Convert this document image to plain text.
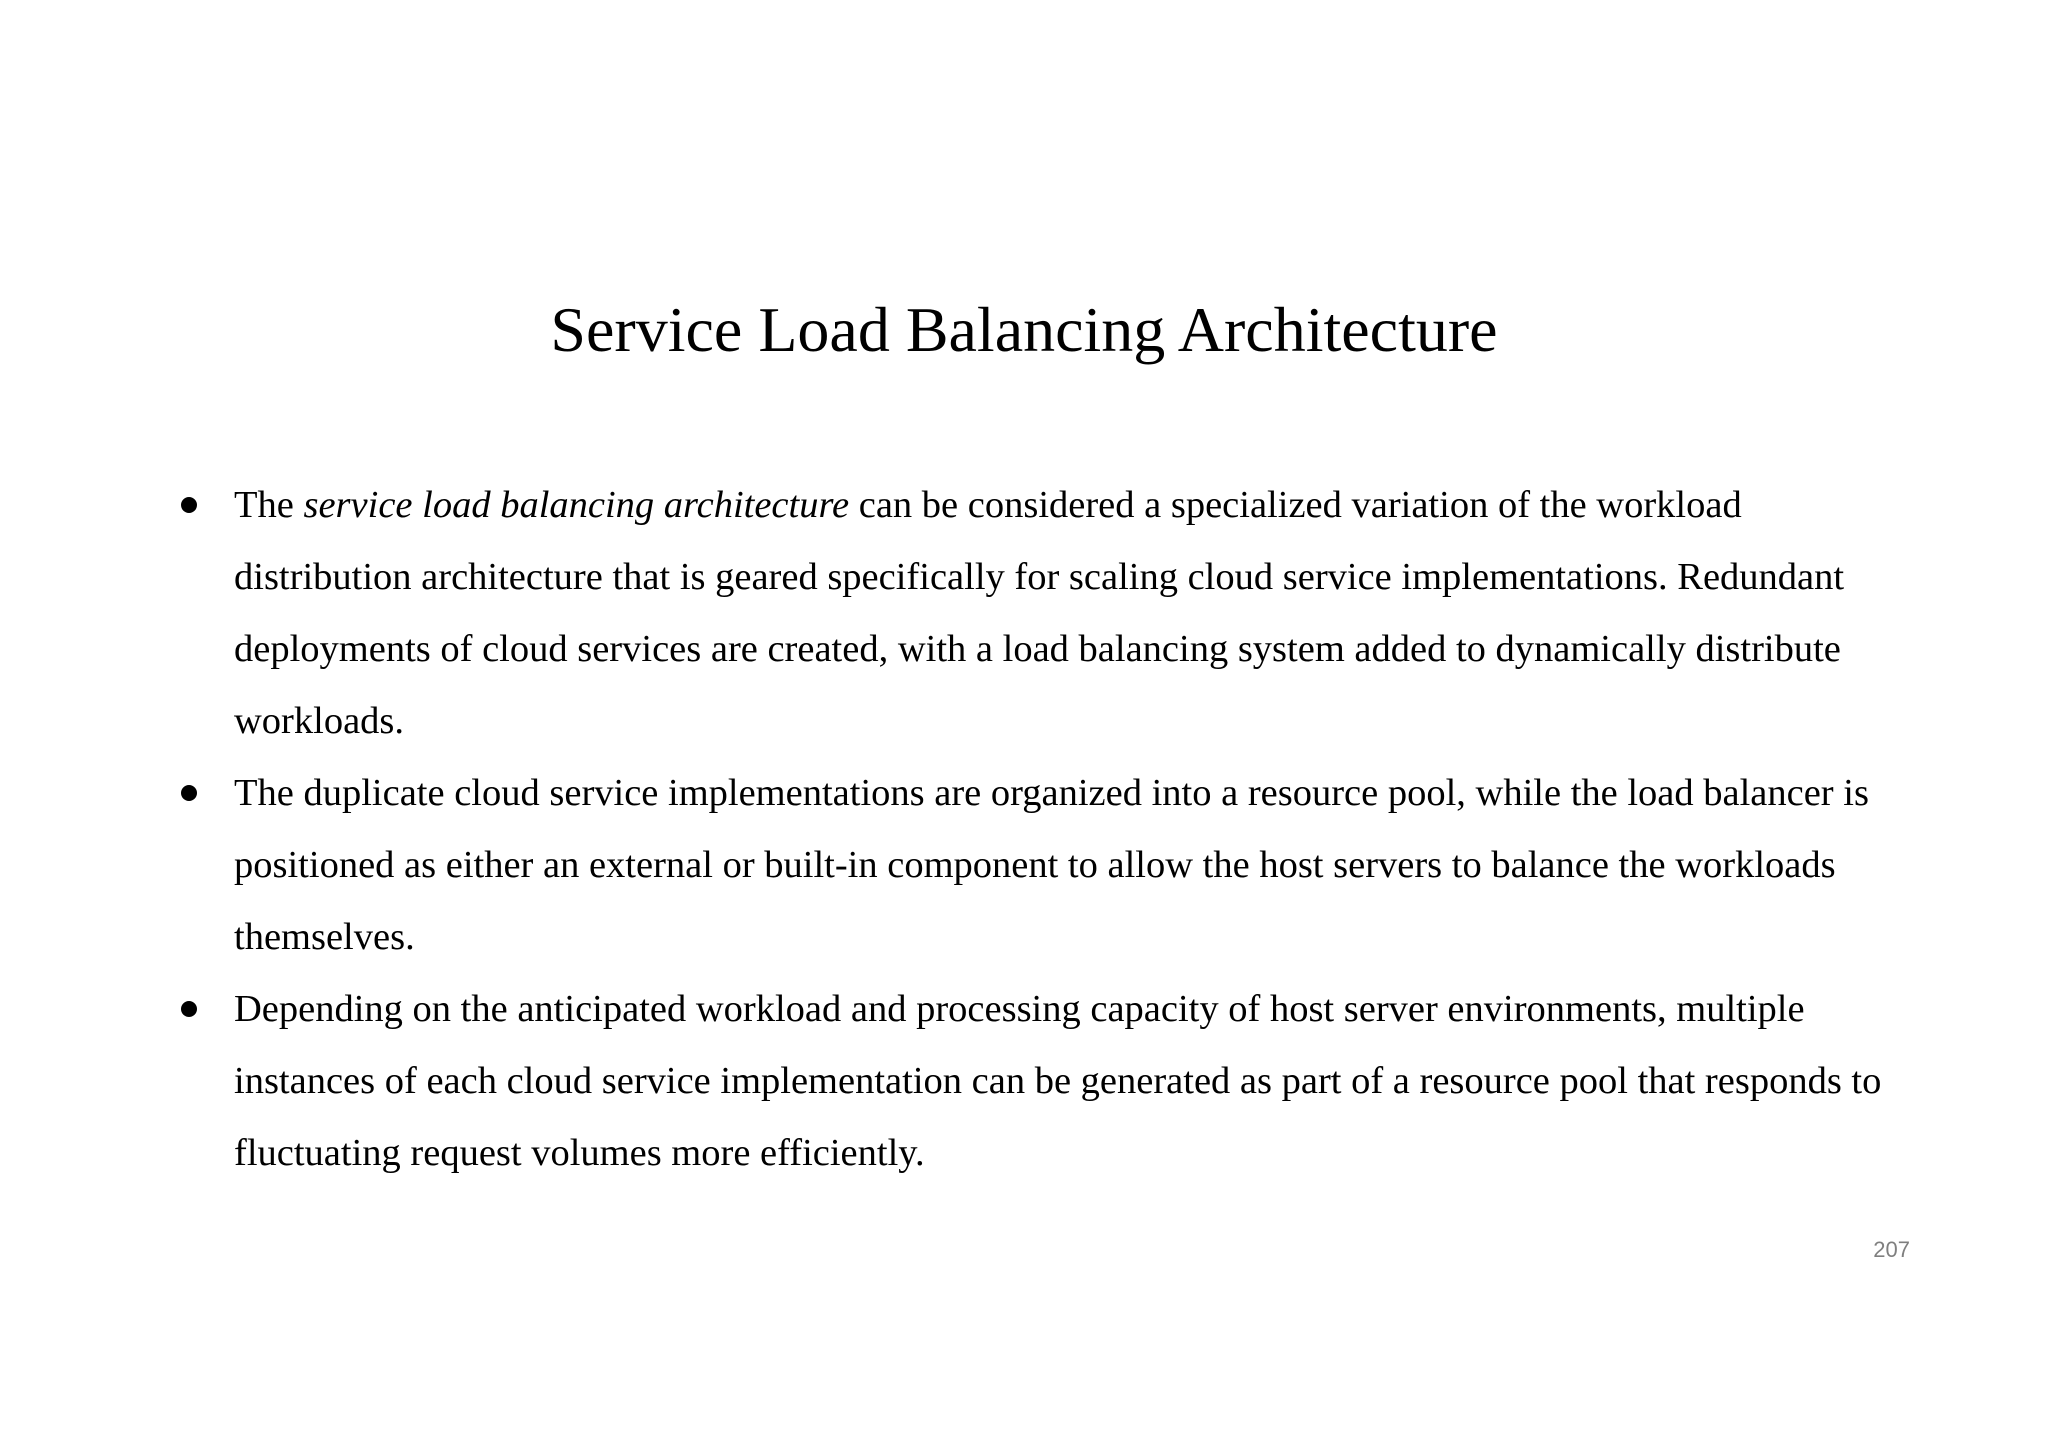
Service Load Balancing Architecture
The service load balancing architecture can be considered a specialized variation of the workload distribution architecture that is geared specifically for scaling cloud service implementations. Redundant deployments of cloud services are created, with a load balancing system added to dynamically distribute workloads.
The duplicate cloud service implementations are organized into a resource pool, while the load balancer is positioned as either an external or built-in component to allow the host servers to balance the workloads themselves.
Depending on the anticipated workload and processing capacity of host server environments, multiple instances of each cloud service implementation can be generated as part of a resource pool that responds to fluctuating request volumes more efficiently.
207
